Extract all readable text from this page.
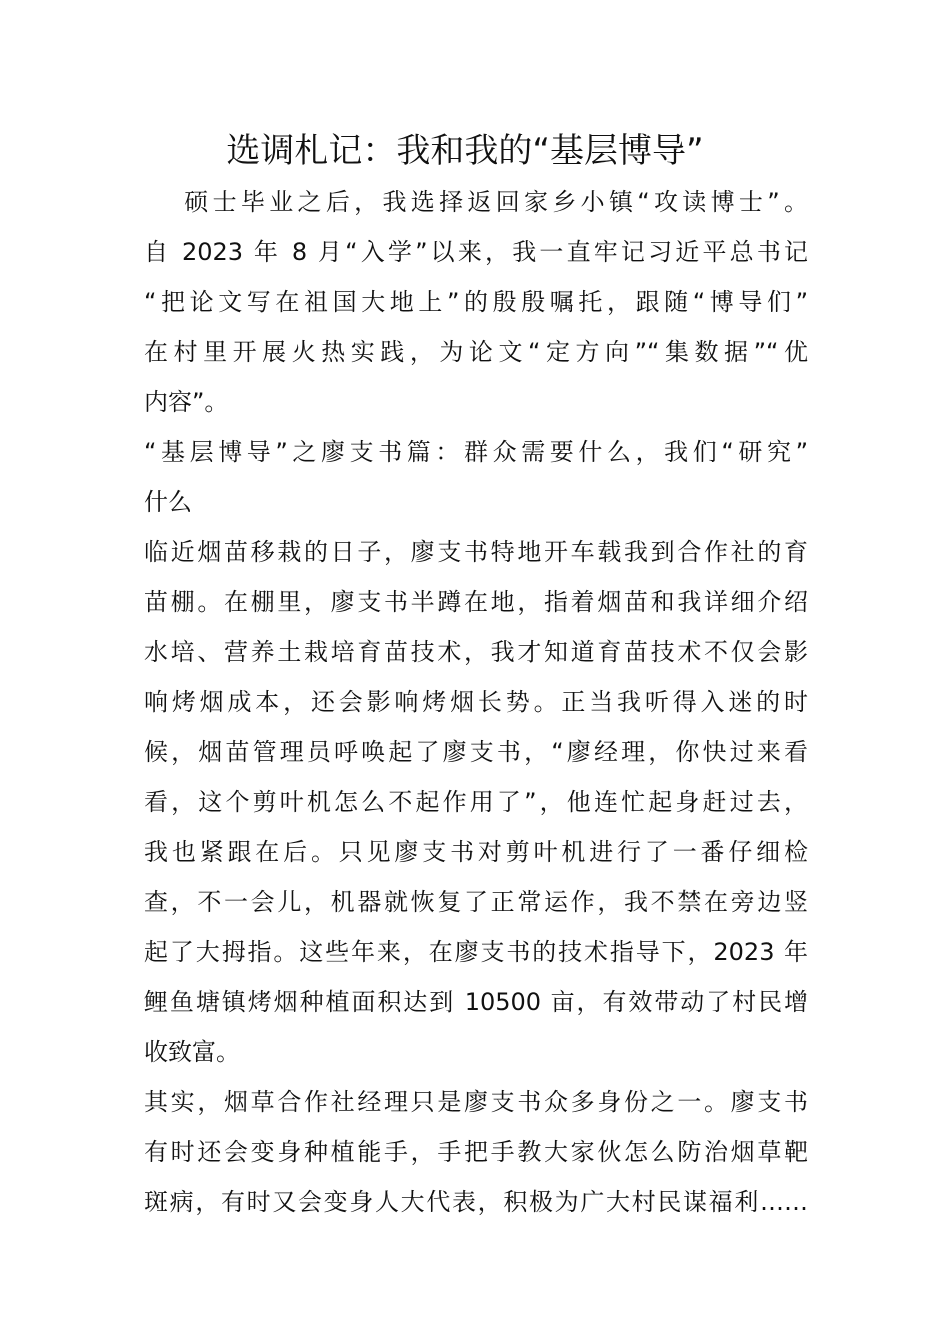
选调札记：我和我的“基层博导”

　 硕士毕业之后，我选择返回家乡小镇“攻读博士”。
自 2023 年 8 月“入学”以来，我一直牢记习近平总书记
“把论文写在祖国大地上”的殷殷嘱托，跟随“博导们”
在村里开展火热实践，为论文“定方向”“集数据”“优
内容”。

“基层博导”之廖支书篇：群众需要什么，我们“研究”
什么

临近烟苗移栽的日子，廖支书特地开车载我到合作社的育
苗棚。在棚里，廖支书半蹲在地，指着烟苗和我详细介绍
水培、营养土栽培育苗技术，我才知道育苗技术不仅会影
响烤烟成本，还会影响烤烟长势。正当我听得入迷的时
候，烟苗管理员呼唤起了廖支书，“廖经理，你快过来看
看，这个剪叶机怎么不起作用了”，他连忙起身赶过去，
我也紧跟在后。只见廖支书对剪叶机进行了一番仔细检
查，不一会儿，机器就恢复了正常运作，我不禁在旁边竖
起了大拇指。这些年来，在廖支书的技术指导下，2023 年
鲤鱼塘镇烤烟种植面积达到 10500 亩，有效带动了村民增
收致富。

其实，烟草合作社经理只是廖支书众多身份之一。廖支书
有时还会变身种植能手，手把手教大家伙怎么防治烟草靶
斑病，有时又会变身人大代表，积极为广大村民谋福利……
